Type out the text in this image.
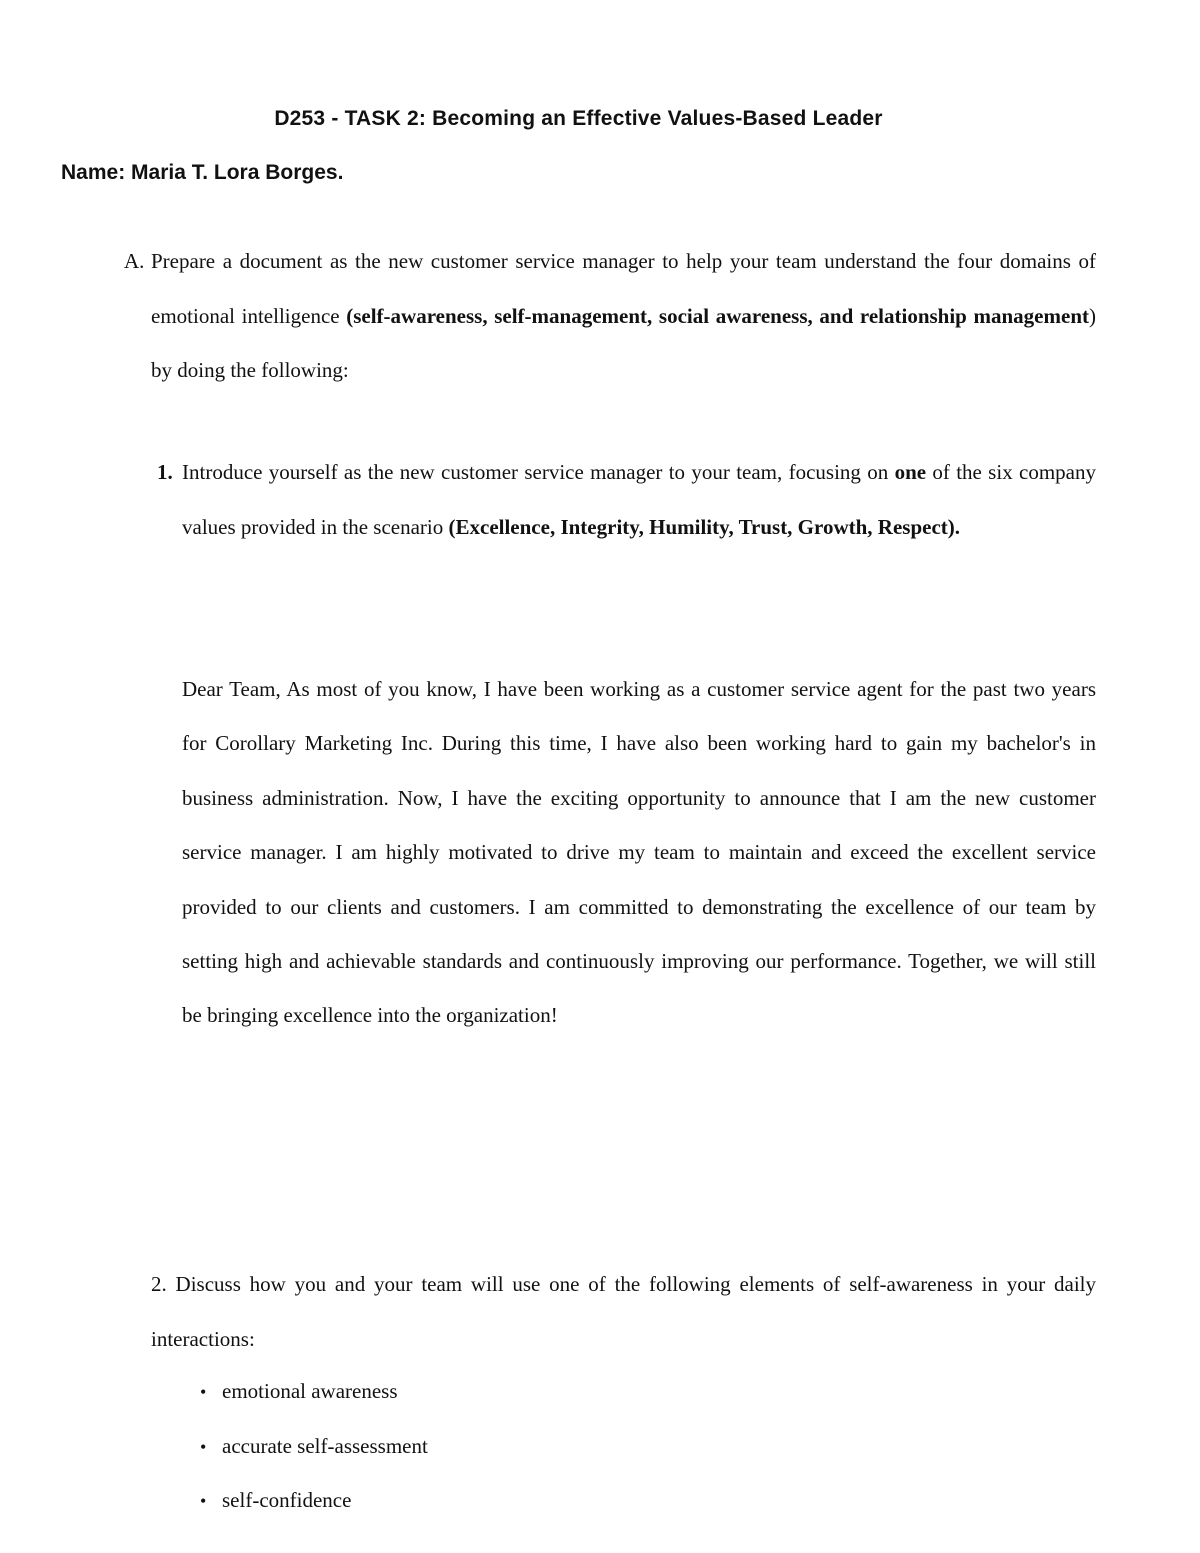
D253 - TASK 2: Becoming an Effective Values-Based Leader
Name: Maria T. Lora Borges.
A. Prepare a document as the new customer service manager to help your team understand the four domains of emotional intelligence (self-awareness, self-management, social awareness, and relationship management) by doing the following:
1. Introduce yourself as the new customer service manager to your team, focusing on one of the six company values provided in the scenario (Excellence, Integrity, Humility, Trust, Growth, Respect).
Dear Team, As most of you know, I have been working as a customer service agent for the past two years for Corollary Marketing Inc. During this time, I have also been working hard to gain my bachelor's in business administration. Now, I have the exciting opportunity to announce that I am the new customer service manager. I am highly motivated to drive my team to maintain and exceed the excellent service provided to our clients and customers. I am committed to demonstrating the excellence of our team by setting high and achievable standards and continuously improving our performance. Together, we will still be bringing excellence into the organization!
2. Discuss how you and your team will use one of the following elements of self-awareness in your daily interactions:
• emotional awareness
• accurate self-assessment
• self-confidence
